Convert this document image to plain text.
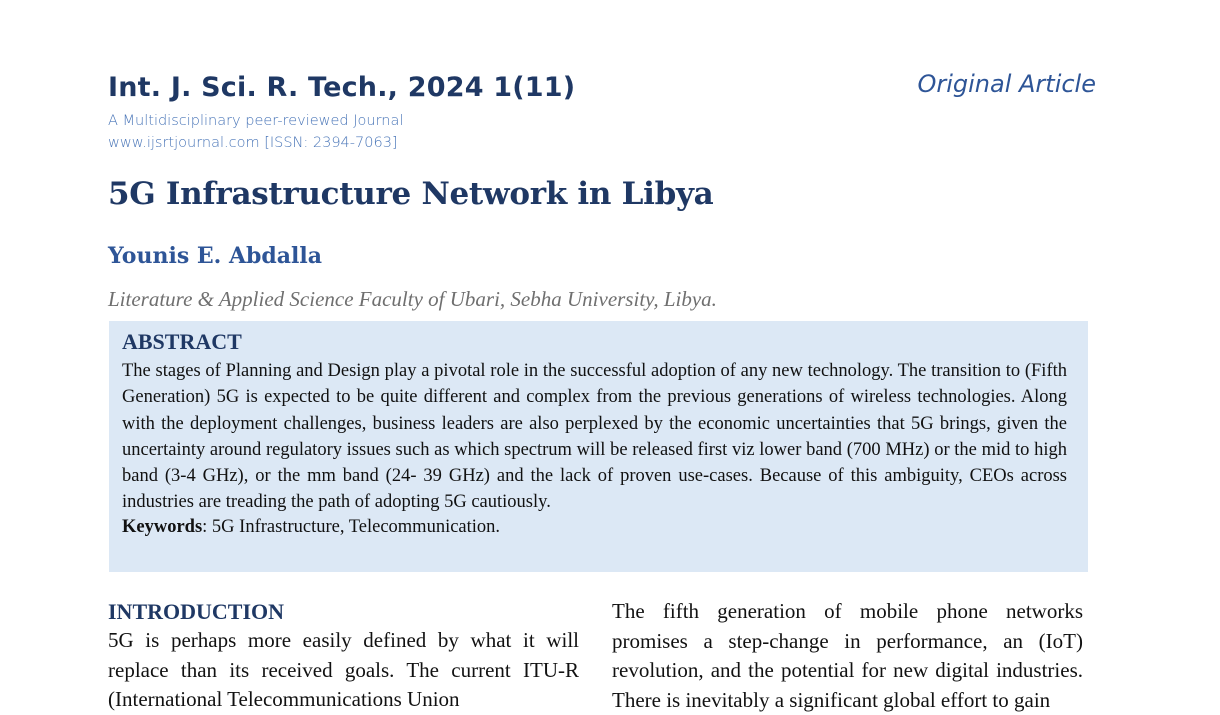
Int. J. Sci. R. Tech., 2024 1(11)
A Multidisciplinary peer-reviewed Journal
www.ijsrtjournal.com [ISSN: 2394-7063]
Original Article
5G Infrastructure Network in Libya
Younis E. Abdalla
Literature & Applied Science Faculty of Ubari, Sebha University, Libya.
ABSTRACT
The stages of Planning and Design play a pivotal role in the successful adoption of any new technology. The transition to (Fifth Generation) 5G is expected to be quite different and complex from the previous generations of wireless technologies. Along with the deployment challenges, business leaders are also perplexed by the economic uncertainties that 5G brings, given the uncertainty around regulatory issues such as which spectrum will be released first viz lower band (700 MHz) or the mid to high band (3-4 GHz), or the mm band (24- 39 GHz) and the lack of proven use-cases. Because of this ambiguity, CEOs across industries are treading the path of adopting 5G cautiously.
Keywords: 5G Infrastructure, Telecommunication.
INTRODUCTION

5G is perhaps more easily defined by what it will replace than its received goals. The current ITU-R (International Telecommunications Union

The fifth generation of mobile phone networks promises a step-change in performance, an (IoT) revolution, and the potential for new digital industries. There is inevitably a significant global effort to gain
